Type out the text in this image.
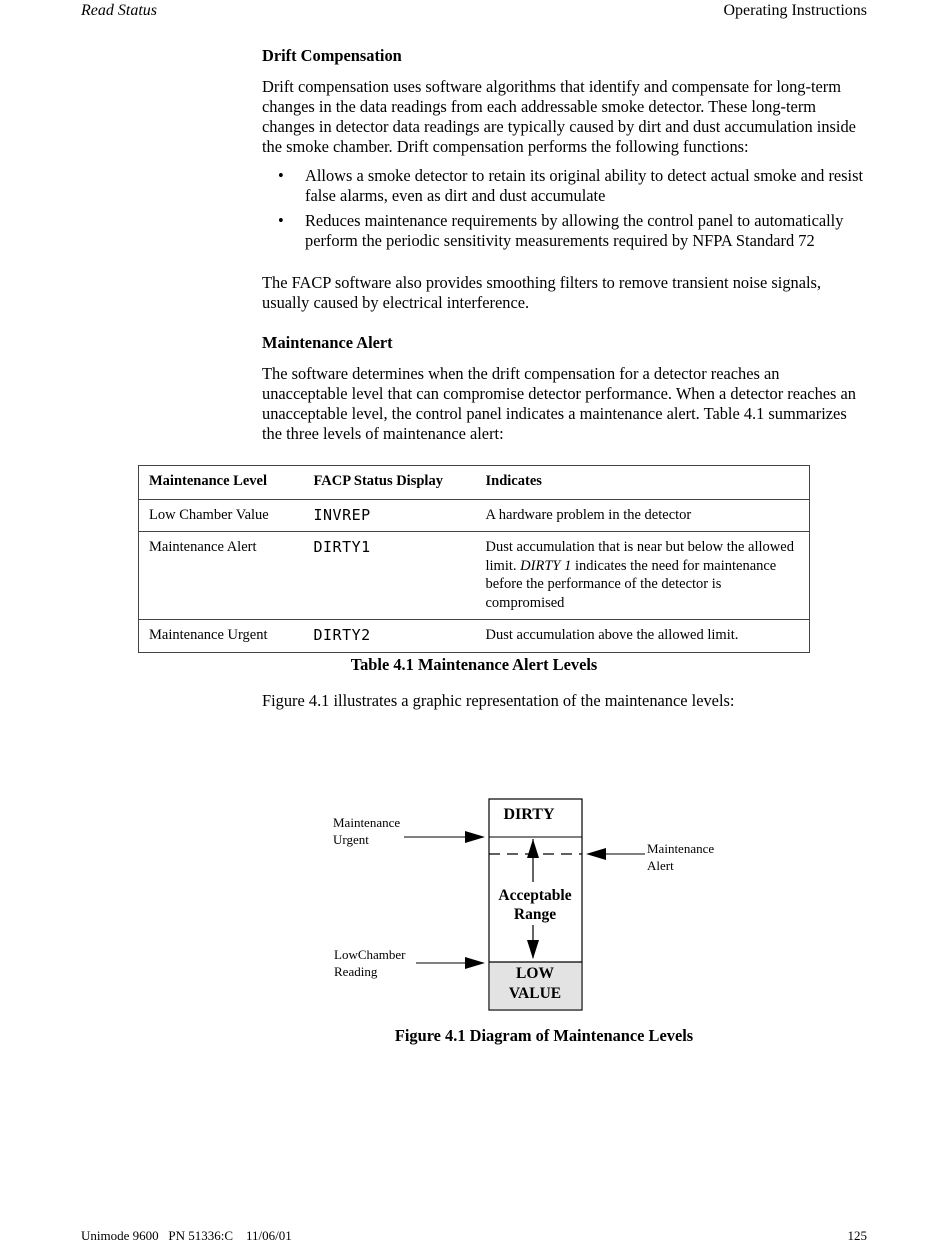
Read Status	Operating Instructions
Drift Compensation

Drift compensation uses software algorithms that identify and compensate for long-term changes in the data readings from each addressable smoke detector. These long-term changes in detector data readings are typically caused by dirt and dust accumulation inside the smoke chamber. Drift compensation performs the following functions:

• Allows a smoke detector to retain its original ability to detect actual smoke and resist false alarms, even as dirt and dust accumulate
• Reduces maintenance requirements by allowing the control panel to automatically perform the periodic sensitivity measurements required by NFPA Standard 72
The FACP software also provides smoothing filters to remove transient noise signals, usually caused by electrical interference.
Maintenance Alert

The software determines when the drift compensation for a detector reaches an unacceptable level that can compromise detector performance. When a detector reaches an unacceptable level, the control panel indicates a maintenance alert. Table 4.1 summarizes the three levels of maintenance alert:

Maintenance Level	FACP Status Display	Indicates
Low Chamber Value	INVREP	A hardware problem in the detector
Maintenance Alert	DIRTY1	Dust accumulation that is near but below the allowed limit. DIRTY 1 indicates the need for maintenance before the performance of the detector is compromised
Maintenance Urgent	DIRTY2	Dust accumulation above the allowed limit.
Table 4.1 Maintenance Alert Levels
Figure 4.1 illustrates a graphic representation of the maintenance levels:
DIRTY
Acceptable
Range
LOW
VALUE
Maintenance
Urgent
Maintenance
Alert
LowChamber
Reading
Figure 4.1 Diagram of Maintenance Levels
Unimode 9600   PN 51336:C    11/06/01	125
